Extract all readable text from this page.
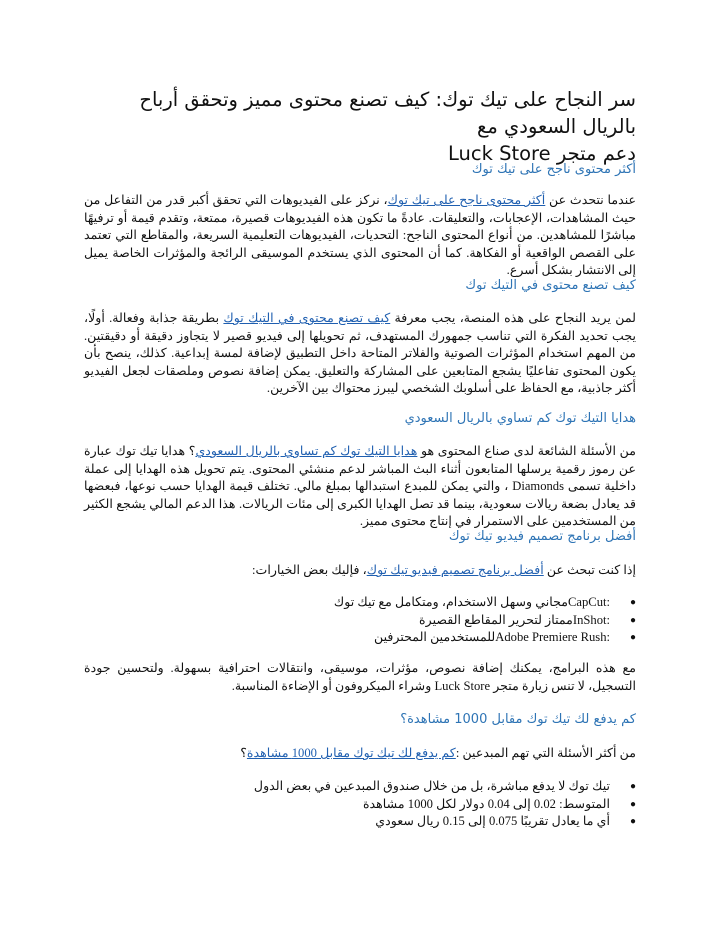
سر النجاح على تيك توك: كيف تصنع محتوى مميز وتحقق أرباح بالريال السعودي مع
دعم متجر Luck Store
أكثر محتوى ناجح على تيك توك

عندما نتحدث عن أكثر محتوى ناجح على تيك توك، نركز على الفيديوهات التي تحقق أكبر قدر من التفاعل من حيث المشاهدات، الإعجابات، والتعليقات. عادةً ما تكون هذه الفيديوهات قصيرة، ممتعة، وتقدم قيمة أو ترفيهًا مباشرًا للمشاهدين. من أنواع المحتوى الناجح: التحديات، الفيديوهات التعليمية السريعة، والمقاطع التي تعتمد على القصص الواقعية أو الفكاهة. كما أن المحتوى الذي يستخدم الموسيقى الرائجة والمؤثرات الخاصة يميل إلى الانتشار بشكل أسرع.

كيف تصنع محتوى في التيك توك

لمن يريد النجاح على هذه المنصة، يجب معرفة كيف تصنع محتوى في التيك توك بطريقة جذابة وفعالة. أولًا، يجب تحديد الفكرة التي تناسب جمهورك المستهدف، ثم تحويلها إلى فيديو قصير لا يتجاوز دقيقة أو دقيقتين. من المهم استخدام المؤثرات الصوتية والفلاتر المتاحة داخل التطبيق لإضافة لمسة إبداعية. كذلك، ينصح بأن يكون المحتوى تفاعليًا يشجع المتابعين على المشاركة والتعليق. يمكن إضافة نصوص وملصقات لجعل الفيديو أكثر جاذبية، مع الحفاظ على أسلوبك الشخصي ليبرز محتواك بين الآخرين.

هدايا التيك توك كم تساوي بالريال السعودي

من الأسئلة الشائعة لدى صناع المحتوى هو هدايا التيك توك كم تساوي بالريال السعودي؟ هدايا تيك توك عبارة عن رموز رقمية يرسلها المتابعون أثناء البث المباشر لدعم منشئي المحتوى. يتم تحويل هذه الهدايا إلى عملة داخلية تسمى Diamonds ، والتي يمكن للمبدع استبدالها بمبلغ مالي. تختلف قيمة الهدايا حسب نوعها، فبعضها قد يعادل بضعة ريالات سعودية، بينما قد تصل الهدايا الكبرى إلى مئات الريالات. هذا الدعم المالي يشجع الكثير من المستخدمين على الاستمرار في إنتاج محتوى مميز.

أفضل برنامج تصميم فيديو تيك توك

إذا كنت تبحث عن أفضل برنامج تصميم فيديو تيك توك، فإليك بعض الخيارات:

●
CapCut:مجاني وسهل الاستخدام، ومتكامل مع تيك توك
●
InShot:ممتاز لتحرير المقاطع القصيرة
●
Adobe Premiere Rush:للمستخدمين المحترفين

مع هذه البرامج، يمكنك إضافة نصوص، مؤثرات، موسيقى، وانتقالات احترافية بسهولة. ولتحسين جودة التسجيل، لا تنس زيارة متجر Luck Store وشراء الميكروفون أو الإضاءة المناسبة.

كم يدفع لك تيك توك مقابل 1000 مشاهدة؟

من أكثر الأسئلة التي تهم المبدعين :كم يدفع لك تيك توك مقابل 1000 مشاهدة؟

●
تيك توك لا يدفع مباشرة، بل من خلال صندوق المبدعين في بعض الدول
●
المتوسط: 0.02 إلى 0.04 دولار لكل 1000 مشاهدة
●
أي ما يعادل تقريبًا 0.075 إلى 0.15 ريال سعودي
